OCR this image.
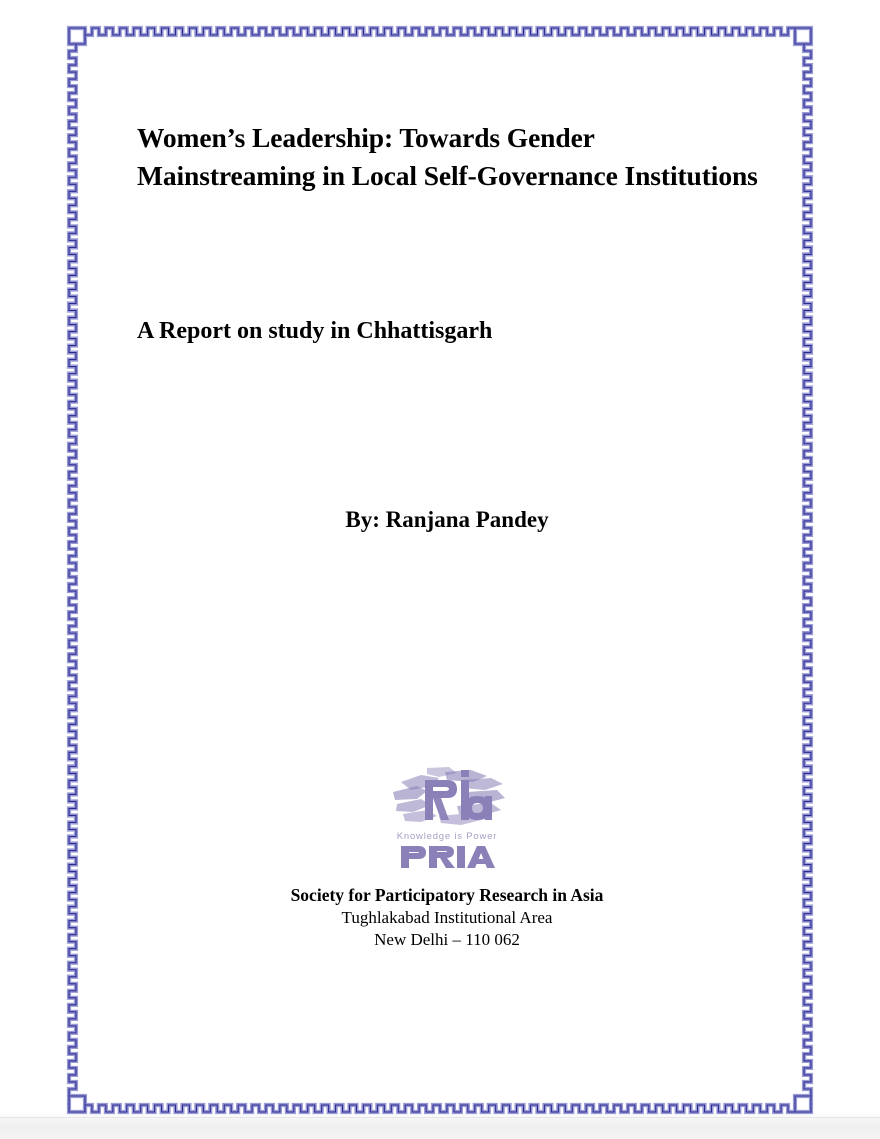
Women’s Leadership: Towards Gender Mainstreaming in Local Self-Governance Institutions
A Report on study in Chhattisgarh
By: Ranjana Pandey
Knowledge is Power
Society for Participatory Research in Asia
Tughlakabad Institutional Area
New Delhi – 110 062
